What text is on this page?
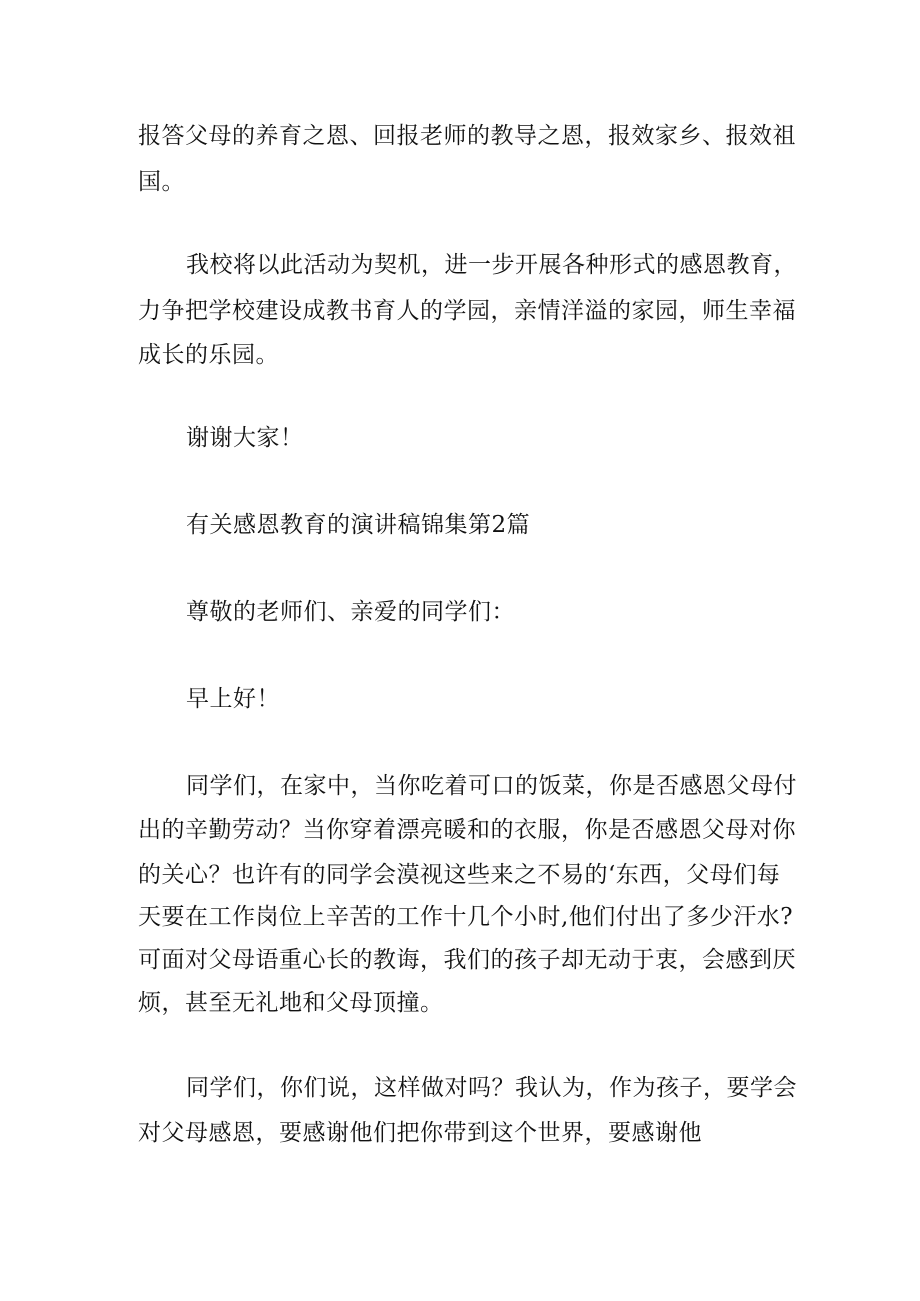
报答父母的养育之恩、回报老师的教导之恩，报效家乡、报效祖
国。
我校将以此活动为契机，进一步开展各种形式的感恩教育，
力争把学校建设成教书育人的学园，亲情洋溢的家园，师生幸福
成长的乐园。
谢谢大家！
有关感恩教育的演讲稿锦集第2篇
尊敬的老师们、亲爱的同学们：
早上好！
同学们，在家中，当你吃着可口的饭菜，你是否感恩父母付
出的辛勤劳动？当你穿着漂亮暖和的衣服，你是否感恩父母对你
的关心？也许有的同学会漠视这些来之不易的‘东西，父母们每
天要在工作岗位上辛苦的工作十几个小时,他们付出了多少汗水?
可面对父母语重心长的教诲，我们的孩子却无动于衷，会感到厌
烦，甚至无礼地和父母顶撞。
同学们，你们说，这样做对吗？我认为，作为孩子，要学会
对父母感恩，要感谢他们把你带到这个世界，要感谢他
